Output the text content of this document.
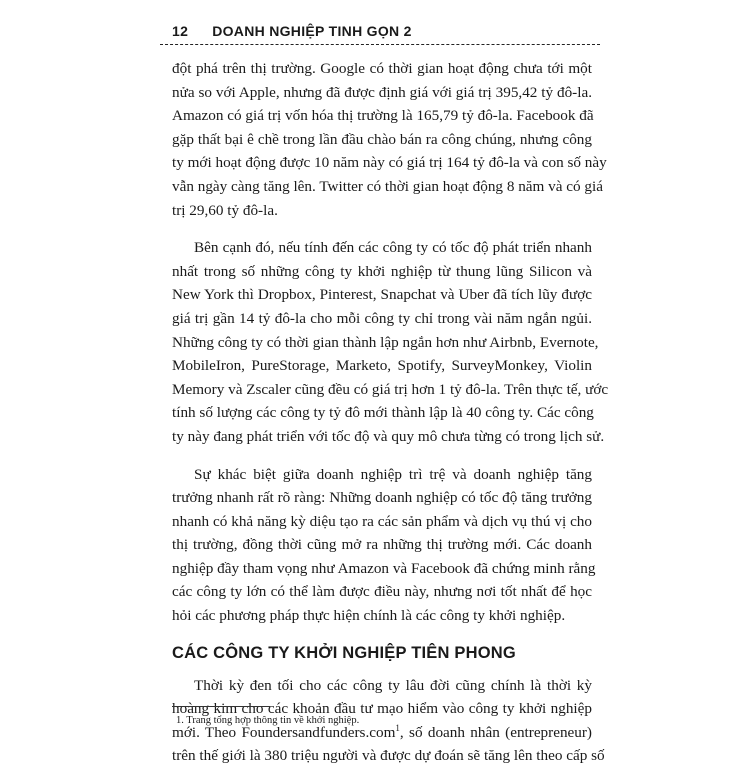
12 DOANH NGHIỆP TINH GỌN 2
đột phá trên thị trường. Google có thời gian hoạt động chưa tới một
nửa so với Apple, nhưng đã được định giá với giá trị 395,42 tỷ đô-la.
Amazon có giá trị vốn hóa thị trường là 165,79 tỷ đô-la. Facebook đã
gặp thất bại ê chề trong lần đầu chào bán ra công chúng, nhưng công
ty mới hoạt động được 10 năm này có giá trị 164 tỷ đô-la và con số này
vẫn ngày càng tăng lên. Twitter có thời gian hoạt động 8 năm và có giá
trị 29,60 tỷ đô-la.
Bên cạnh đó, nếu tính đến các công ty có tốc độ phát triển nhanh
nhất trong số những công ty khởi nghiệp từ thung lũng Silicon và
New York thì Dropbox, Pinterest, Snapchat và Uber đã tích lũy được
giá trị gần 14 tỷ đô-la cho mỗi công ty chỉ trong vài năm ngắn ngủi.
Những công ty có thời gian thành lập ngắn hơn như Airbnb, Evernote,
MobileIron, PureStorage, Marketo, Spotify, SurveyMonkey, Violin
Memory và Zscaler cũng đều có giá trị hơn 1 tỷ đô-la. Trên thực tế, ước
tính số lượng các công ty tỷ đô mới thành lập là 40 công ty. Các công
ty này đang phát triển với tốc độ và quy mô chưa từng có trong lịch sử.
Sự khác biệt giữa doanh nghiệp trì trệ và doanh nghiệp tăng
trưởng nhanh rất rõ ràng: Những doanh nghiệp có tốc độ tăng trưởng
nhanh có khả năng kỳ diệu tạo ra các sản phẩm và dịch vụ thú vị cho
thị trường, đồng thời cũng mở ra những thị trường mới. Các doanh
nghiệp đầy tham vọng như Amazon và Facebook đã chứng minh rằng
các công ty lớn có thể làm được điều này, nhưng nơi tốt nhất để học
hỏi các phương pháp thực hiện chính là các công ty khởi nghiệp.
CÁC CÔNG TY KHỞI NGHIỆP TIÊN PHONG
Thời kỳ đen tối cho các công ty lâu đời cũng chính là thời kỳ
hoàng kim cho các khoản đầu tư mạo hiểm vào công ty khởi nghiệp
mới. Theo Foundersandfunders.com$^1$, số doanh nhân (entrepreneur)
trên thế giới là 380 triệu người và được dự đoán sẽ tăng lên theo cấp số
1. Trang tổng hợp thông tin về khởi nghiệp.
